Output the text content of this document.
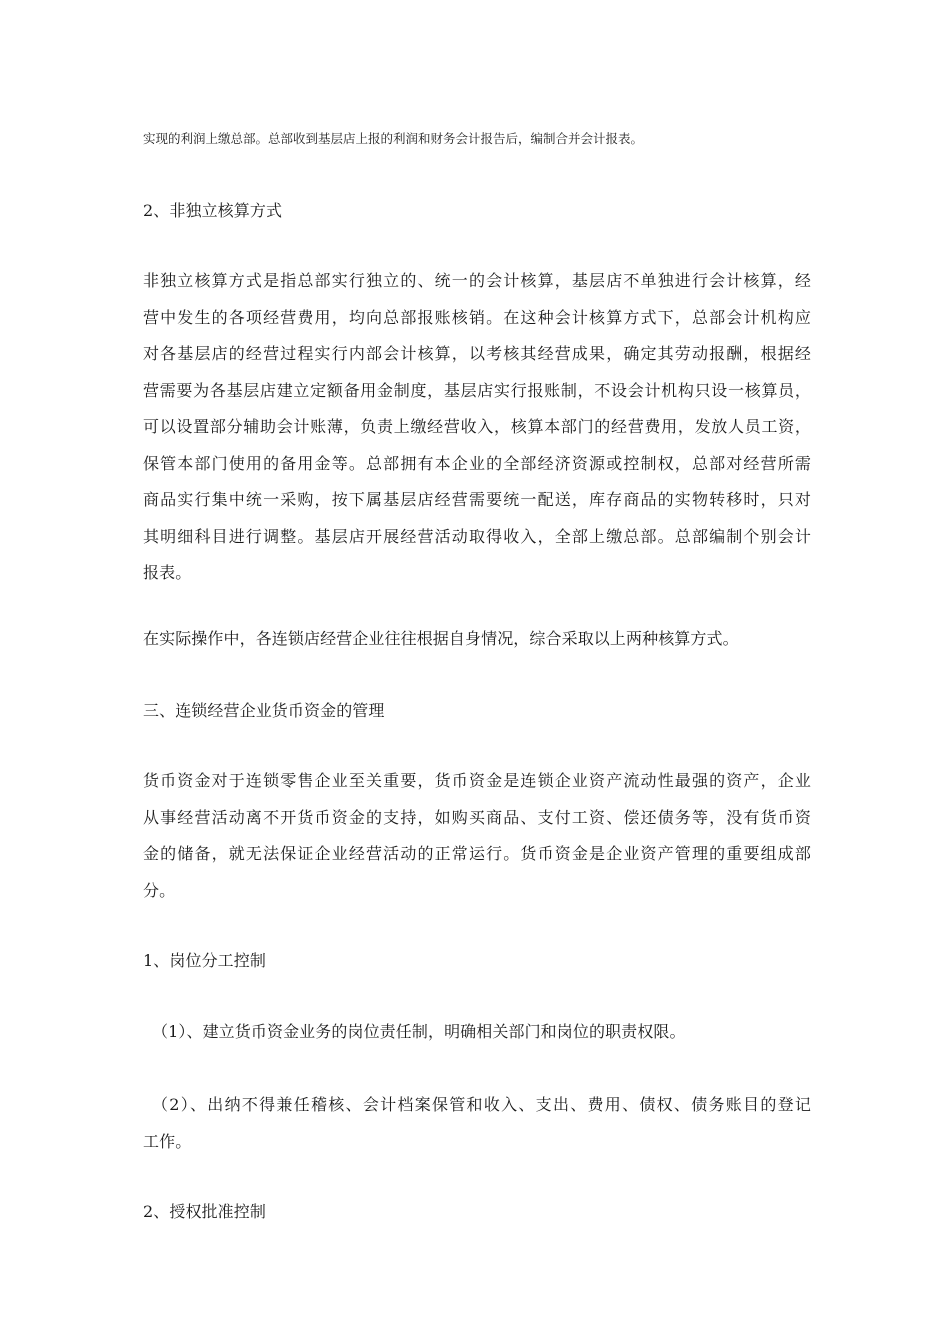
实现的利润上缴总部。总部收到基层店上报的利润和财务会计报告后，编制合并会计报表。
2、非独立核算方式
非独立核算方式是指总部实行独立的、统一的会计核算，基层店不单独进行会计核算，经
营中发生的各项经营费用，均向总部报账核销。在这种会计核算方式下，总部会计机构应
对各基层店的经营过程实行内部会计核算，以考核其经营成果，确定其劳动报酬，根据经
营需要为各基层店建立定额备用金制度，基层店实行报账制，不设会计机构只设一核算员，
可以设置部分辅助会计账薄，负责上缴经营收入，核算本部门的经营费用，发放人员工资，
保管本部门使用的备用金等。总部拥有本企业的全部经济资源或控制权，总部对经营所需
商品实行集中统一采购，按下属基层店经营需要统一配送，库存商品的实物转移时，只对
其明细科目进行调整。基层店开展经营活动取得收入，全部上缴总部。总部编制个别会计
报表。
在实际操作中，各连锁店经营企业往往根据自身情况，综合采取以上两种核算方式。
三、连锁经营企业货币资金的管理
货币资金对于连锁零售企业至关重要，货币资金是连锁企业资产流动性最强的资产，企业
从事经营活动离不开货币资金的支持，如购买商品、支付工资、偿还债务等，没有货币资
金的储备，就无法保证企业经营活动的正常运行。货币资金是企业资产管理的重要组成部
分。
1、岗位分工控制
（1）、建立货币资金业务的岗位责任制，明确相关部门和岗位的职责权限。
（2）、出纳不得兼任稽核、会计档案保管和收入、支出、费用、债权、债务账目的登记
工作。
2、授权批准控制
